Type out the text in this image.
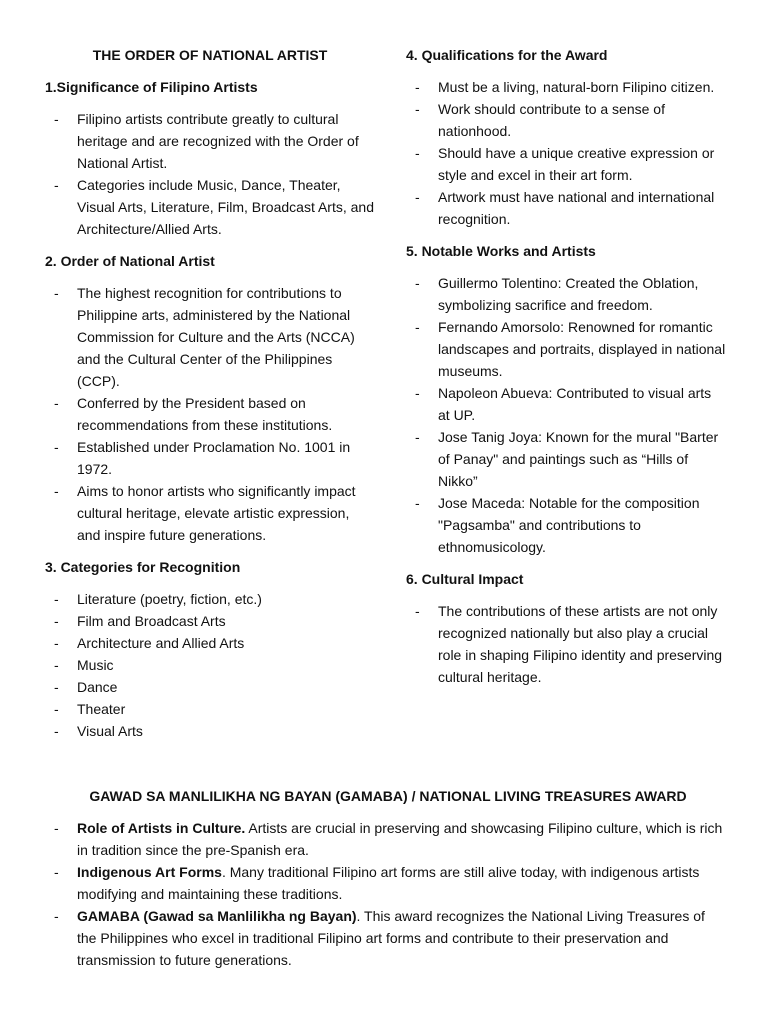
THE ORDER OF NATIONAL ARTIST
1.Significance of Filipino Artists
- Filipino artists contribute greatly to cultural heritage and are recognized with the Order of National Artist.
- Categories include Music, Dance, Theater, Visual Arts, Literature, Film, Broadcast Arts, and Architecture/Allied Arts.
2. Order of National Artist
- The highest recognition for contributions to Philippine arts, administered by the National Commission for Culture and the Arts (NCCA) and the Cultural Center of the Philippines (CCP).
- Conferred by the President based on recommendations from these institutions.
- Established under Proclamation No. 1001 in 1972.
- Aims to honor artists who significantly impact cultural heritage, elevate artistic expression, and inspire future generations.
3. Categories for Recognition
- Literature (poetry, fiction, etc.)
- Film and Broadcast Arts
- Architecture and Allied Arts
- Music
- Dance
- Theater
- Visual Arts
4. Qualifications for the Award
- Must be a living, natural-born Filipino citizen.
- Work should contribute to a sense of nationhood.
- Should have a unique creative expression or style and excel in their art form.
- Artwork must have national and international recognition.
5. Notable Works and Artists
- Guillermo Tolentino: Created the Oblation, symbolizing sacrifice and freedom.
- Fernando Amorsolo: Renowned for romantic landscapes and portraits, displayed in national museums.
- Napoleon Abueva: Contributed to visual arts at UP.
- Jose Tanig Joya: Known for the mural "Barter of Panay" and paintings such as “Hills of Nikko”
- Jose Maceda: Notable for the composition "Pagsamba" and contributions to ethnomusicology.
6. Cultural Impact
- The contributions of these artists are not only recognized nationally but also play a crucial role in shaping Filipino identity and preserving cultural heritage.
GAWAD SA MANLILIKHA NG BAYAN (GAMABA) / NATIONAL LIVING TREASURES AWARD
- Role of Artists in Culture. Artists are crucial in preserving and showcasing Filipino culture, which is rich in tradition since the pre-Spanish era.
- Indigenous Art Forms. Many traditional Filipino art forms are still alive today, with indigenous artists modifying and maintaining these traditions.
- GAMABA (Gawad sa Manlilikha ng Bayan). This award recognizes the National Living Treasures of the Philippines who excel in traditional Filipino art forms and contribute to their preservation and transmission to future generations.
